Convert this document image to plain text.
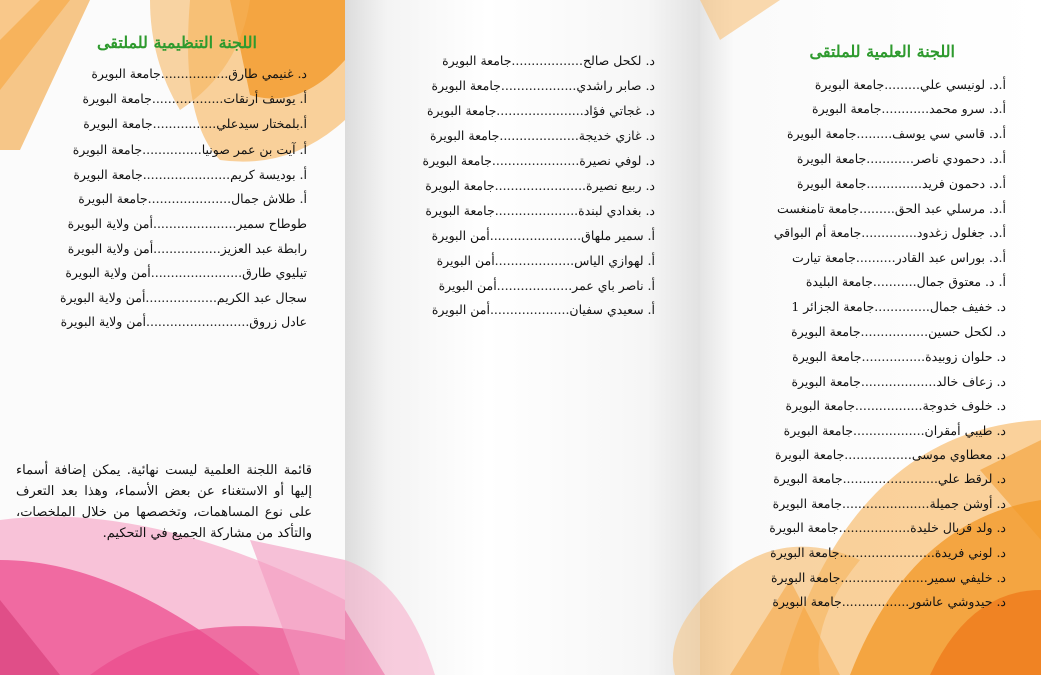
اللجنة التنظيمية للملتقى
د. غنيمي طارق.................جامعة البويرة
أ. يوسف أرنقات..................جامعة البويرة
أ.بلمختار سيدعلي................جامعة البويرة
أ. آيت بن عمر صونيا...............جامعة البويرة
أ. بوديسة كريم......................جامعة البويرة
أ. طلاش جمال.....................جامعة البويرة
طوطاح سمير.....................أمن ولاية البويرة
رابطة عبد العزيز.................أمن ولاية البويرة
تيليوي طارق.......................أمن ولاية البويرة
سجال عبد الكريم..................أمن ولاية البويرة
عادل زروق..........................أمن ولاية البويرة
قائمة اللجنة العلمية ليست نهائية. يمكن إضافة أسماء إليها أو الاستغناء عن بعض الأسماء، وهذا بعد التعرف على نوع المساهمات، وتخصصها من خلال الملخصات، والتأكد من مشاركة الجميع في التحكيم.
د. لكحل صالح..................جامعة البويرة
د. صابر راشدي...................جامعة البويرة
د. غجاتي فؤاد......................جامعة البويرة
د. غازي خديجة....................جامعة البويرة
د. لوفي نصيرة......................جامعة البويرة
د. ربيع نصيرة.......................جامعة البويرة
د. بغدادي لبندة.....................جامعة البويرة
أ. سمير ملهاق.......................أمن البويرة
أ. لهوازي الياس....................أمن البويرة
أ. ناصر باي عمر...................أمن البويرة
أ. سعيدي سفيان....................أمن البويرة
اللجنة العلمية للملتقى
أ.د. لونيسي علي.........جامعة البويرة
أ.د. سرو محمد............جامعة البويرة
أ.د. قاسي سي يوسف.........جامعة البويرة
أ.د. دحمودي ناصر............جامعة البويرة
أ.د. دحمون فريد..............جامعة البويرة
أ.د. مرسلي عبد الحق.........جامعة تامنغست
أ.د. جغلول زغدود..............جامعة أم البواقي
أ.د. بوراس عبد القادر..........جامعة تيارت
أ. د. معتوق جمال...........جامعة البليدة
د. خفيف جمال..............جامعة الجزائر 1
د. لكحل حسين.................جامعة البويرة
د. حلوان زوبيدة................جامعة البويرة
د. زعاف خالد...................جامعة البويرة
د. خلوف خدوجة.................جامعة البويرة
د. طيبي أمقران..................جامعة البويرة
د. معطاوي موسى.................جامعة البويرة
د. لرقط علي........................جامعة البويرة
د. أوشن جميلة......................جامعة البويرة
د. ولد قربال خليدة..................جامعة البويرة
د. لوني فريدة........................جامعة البويرة
د. خليفي سمير......................جامعة البويرة
د. حيدوشي عاشور.................جامعة البويرة
